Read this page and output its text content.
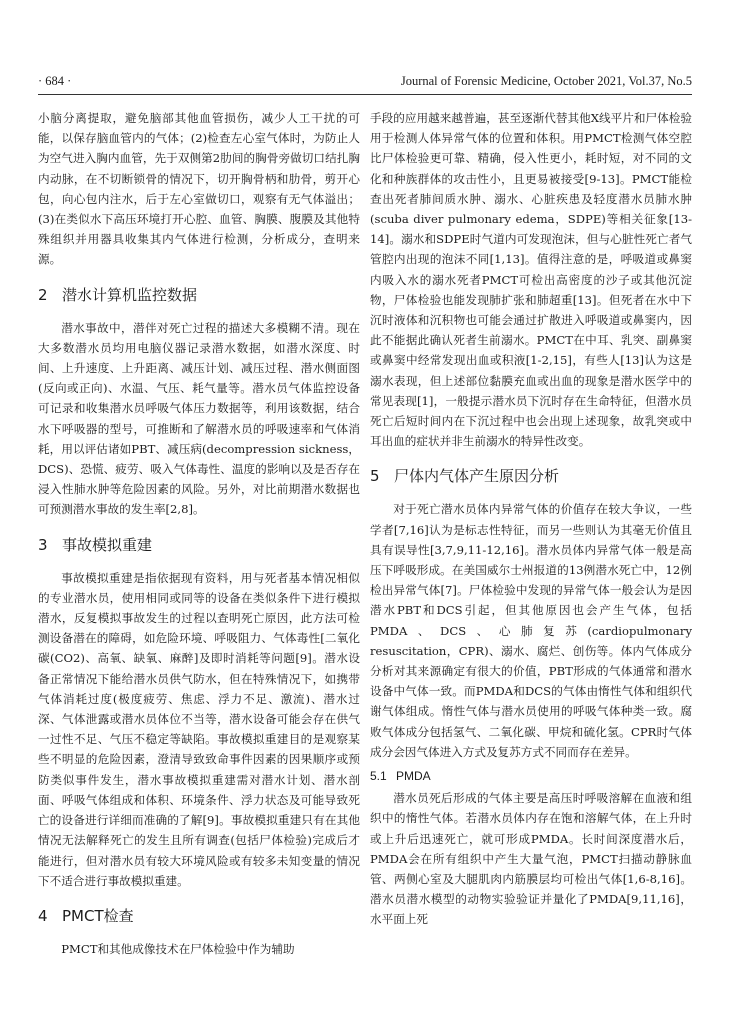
· 684 ·	Journal of Forensic Medicine, October 2021, Vol.37, No.5

小脑分离提取，避免脑部其他血管损伤，减少人工干扰的可能，以保存脑血管内的气体；(2)检查左心室气体时，为防止人为空气进入胸内血管，先于双侧第2肋间的胸骨旁做切口结扎胸内动脉，在不切断锁骨的情况下，切开胸骨柄和肋骨，剪开心包，向心包内注水，后于左心室做切口，观察有无气体溢出；(3)在类似水下高压环境打开心腔、血管、胸膜、腹膜及其他特殊组织并用器具收集其内气体进行检测，分析成分，查明来源。

2 潜水计算机监控数据

潜水事故中，潜伴对死亡过程的描述大多模糊不清。现在大多数潜水员均用电脑仪器记录潜水数据，如潜水深度、时间、上升速度、上升距离、减压计划、减压过程、潜水侧面图(反向或正向)、水温、气压、耗气量等。潜水员气体监控设备可记录和收集潜水员呼吸气体压力数据等，利用该数据，结合水下呼吸器的型号，可推断和了解潜水员的呼吸速率和气体消耗，用以评估诸如PBT、减压病(decompression sickness，DCS)、恐慌、疲劳、吸入气体毒性、温度的影响以及是否存在浸入性肺水肿等危险因素的风险。另外，对比前期潜水数据也可预测潜水事故的发生率[2,8]。

3 事故模拟重建

事故模拟重建是指依据现有资料，用与死者基本情况相似的专业潜水员，使用相同或同等的设备在类似条件下进行模拟潜水，反复模拟事故发生的过程以查明死亡原因，此方法可检测设备潜在的障碍，如危险环境、呼吸阻力、气体毒性[二氧化碳(CO2)、高氧、缺氧、麻醉]及即时消耗等问题[9]。潜水设备正常情况下能给潜水员供气防水，但在特殊情况下，如携带气体消耗过度(极度疲劳、焦虑、浮力不足、激流)、潜水过深、气体泄露或潜水员体位不当等，潜水设备可能会存在供气一过性不足、气压不稳定等缺陷。事故模拟重建目的是观察某些不明显的危险因素，澄清导致致命事件因素的因果顺序或预防类似事件发生，潜水事故模拟重建需对潜水计划、潜水剖面、呼吸气体组成和体积、环境条件、浮力状态及可能导致死亡的设备进行详细而准确的了解[9]。事故模拟重建只有在其他情况无法解释死亡的发生且所有调查(包括尸体检验)完成后才能进行，但对潜水员有较大环境风险或有较多未知变量的情况下不适合进行事故模拟重建。

4 PMCT检查

PMCT和其他成像技术在尸体检验中作为辅助

手段的应用越来越普遍，甚至逐渐代替其他X线平片和尸体检验用于检测人体异常气体的位置和体积。用PMCT检测气体空腔比尸体检验更可靠、精确，侵入性更小，耗时短，对不同的文化和种族群体的攻击性小，且更易被接受[9-13]。PMCT能检查出死者肺间质水肿、溺水、心脏疾患及轻度潜水员肺水肿(scuba diver pulmonary edema，SDPE)等相关征象[13-14]。溺水和SDPE时气道内可发现泡沫，但与心脏性死亡者气管腔内出现的泡沫不同[1,13]。值得注意的是，呼吸道或鼻窦内吸入水的溺水死者PMCT可检出高密度的沙子或其他沉淀物，尸体检验也能发现肺扩张和肺超重[13]。但死者在水中下沉时液体和沉积物也可能会通过扩散进入呼吸道或鼻窦内，因此不能据此确认死者生前溺水。PMCT在中耳、乳突、副鼻窦或鼻窦中经常发现出血或积液[1-2,15]，有些人[13]认为这是溺水表现，但上述部位黏膜充血或出血的现象是潜水医学中的常见表现[1]，一般提示潜水员下沉时存在生命特征，但潜水员死亡后短时间内在下沉过程中也会出现上述现象，故乳突或中耳出血的症状并非生前溺水的特异性改变。

5 尸体内气体产生原因分析

对于死亡潜水员体内异常气体的价值存在较大争议，一些学者[7,16]认为是标志性特征，而另一些则认为其毫无价值且具有误导性[3,7,9,11-12,16]。潜水员体内异常气体一般是高压下呼吸形成。在美国威尔士州报道的13例潜水死亡中，12例检出异常气体[7]。尸体检验中发现的异常气体一般会认为是因潜水PBT和DCS引起，但其他原因也会产生气体，包括PMDA、DCS、心肺复苏(cardiopulmonary resuscitation，CPR)、溺水、腐烂、创伤等。体内气体成分分析对其来源确定有很大的价值，PBT形成的气体通常和潜水设备中气体一致。而PMDA和DCS的气体由惰性气体和组织代谢气体组成。惰性气体与潜水员使用的呼吸气体种类一致。腐败气体成分包括氢气、二氧化碳、甲烷和硫化氢。CPR时气体成分会因气体进入方式及复苏方式不同而存在差异。

5.1 PMDA

潜水员死后形成的气体主要是高压时呼吸溶解在血液和组织中的惰性气体。若潜水员体内存在饱和溶解气体，在上升时或上升后迅速死亡，就可形成PMDA。长时间深度潜水后，PMDA会在所有组织中产生大量气泡，PMCT扫描动静脉血管、两侧心室及大腿肌肉内筋膜层均可检出气体[1,6-8,16]。潜水员潜水模型的动物实验验证并量化了PMDA[9,11,16]，水平面上死
